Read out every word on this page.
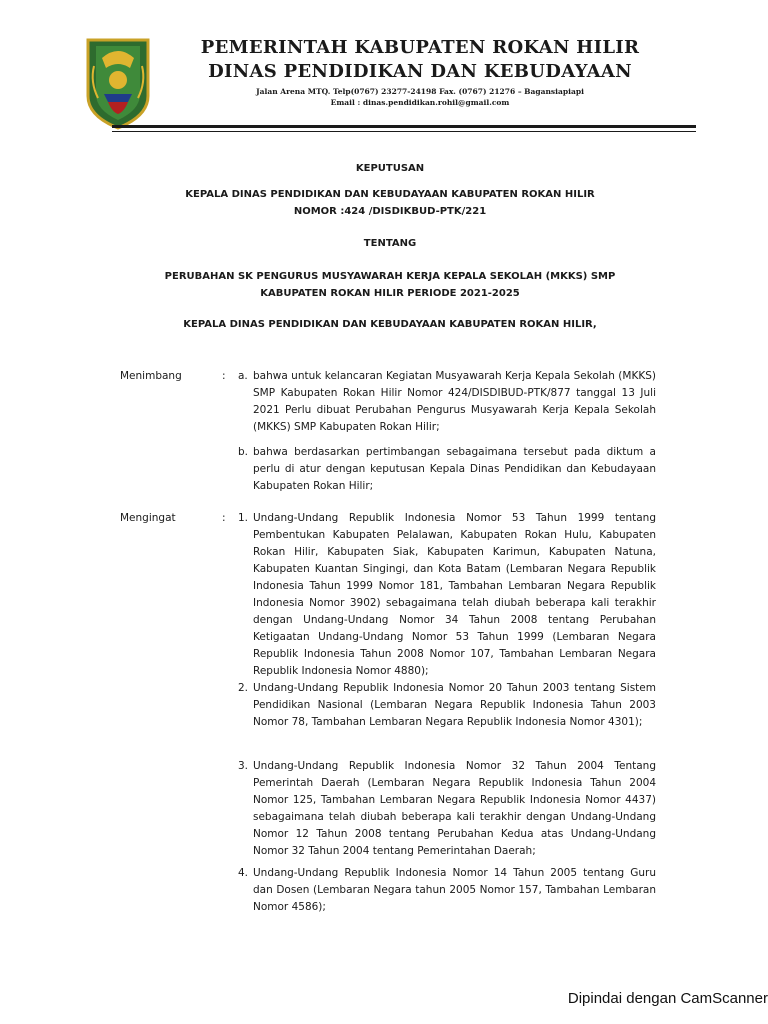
PEMERINTAH KABUPATEN ROKAN HILIR
DINAS PENDIDIKAN DAN KEBUDAYAAN
Jalan Arena MTQ. Telp(0767) 23277-24198 Fax. (0767) 21276 – Bagansiapiapi
Email : dinas.pendidikan.rohil@gmail.com
KEPUTUSAN
KEPALA DINAS PENDIDIKAN DAN KEBUDAYAAN KABUPATEN ROKAN HILIR
NOMOR :424 /DISDIKBUD-PTK/221
TENTANG
PERUBAHAN SK PENGURUS MUSYAWARAH KERJA KEPALA SEKOLAH (MKKS) SMP
KABUPATEN ROKAN HILIR PERIODE 2021-2025
KEPALA DINAS PENDIDIKAN DAN KEBUDAYAAN KABUPATEN ROKAN HILIR,
Menimbang	: a. bahwa untuk kelancaran Kegiatan Musyawarah Kerja Kepala Sekolah (MKKS) SMP Kabupaten Rokan Hilir Nomor 424/DISDIBUD-PTK/877 tanggal 13 Juli 2021 Perlu dibuat Perubahan Pengurus Musyawarah Kerja Kepala Sekolah (MKKS) SMP Kabupaten Rokan Hilir;
b. bahwa berdasarkan pertimbangan sebagaimana tersebut pada diktum a perlu di atur dengan keputusan Kepala Dinas Pendidikan dan Kebudayaan Kabupaten Rokan Hilir;
Mengingat	: 1. Undang-Undang Republik Indonesia Nomor 53 Tahun 1999 tentang Pembentukan Kabupaten Pelalawan, Kabupaten Rokan Hulu, Kabupaten Rokan Hilir, Kabupaten Siak, Kabupaten Karimun, Kabupaten Natuna, Kabupaten Kuantan Singingi, dan Kota Batam (Lembaran Negara Republik Indonesia Tahun 1999 Nomor 181, Tambahan Lembaran Negara Republik Indonesia Nomor 3902) sebagaimana telah diubah beberapa kali terakhir dengan Undang-Undang Nomor 34 Tahun 2008 tentang Perubahan Ketigaatan Undang-Undang Nomor 53 Tahun 1999 (Lembaran Negara Republik Indonesia Tahun 2008 Nomor 107, Tambahan Lembaran Negara Republik Indonesia Nomor 4880);
2. Undang-Undang Republik Indonesia Nomor 20 Tahun 2003 tentang Sistem Pendidikan Nasional (Lembaran Negara Republik Indonesia Tahun 2003 Nomor 78, Tambahan Lembaran Negara Republik Indonesia Nomor 4301);
3. Undang-Undang Republik Indonesia Nomor 32 Tahun 2004 Tentang Pemerintah Daerah (Lembaran Negara Republik Indonesia Tahun 2004 Nomor 125, Tambahan Lembaran Negara Republik Indonesia Nomor 4437) sebagaimana telah diubah beberapa kali terakhir dengan Undang-Undang Nomor 12 Tahun 2008 tentang Perubahan Kedua atas Undang-Undang Nomor 32 Tahun 2004 tentang Pemerintahan Daerah;
4. Undang-Undang Republik Indonesia Nomor 14 Tahun 2005 tentang Guru dan Dosen (Lembaran Negara tahun 2005 Nomor 157, Tambahan Lembaran Nomor 4586);
Dipindai dengan CamScanner
